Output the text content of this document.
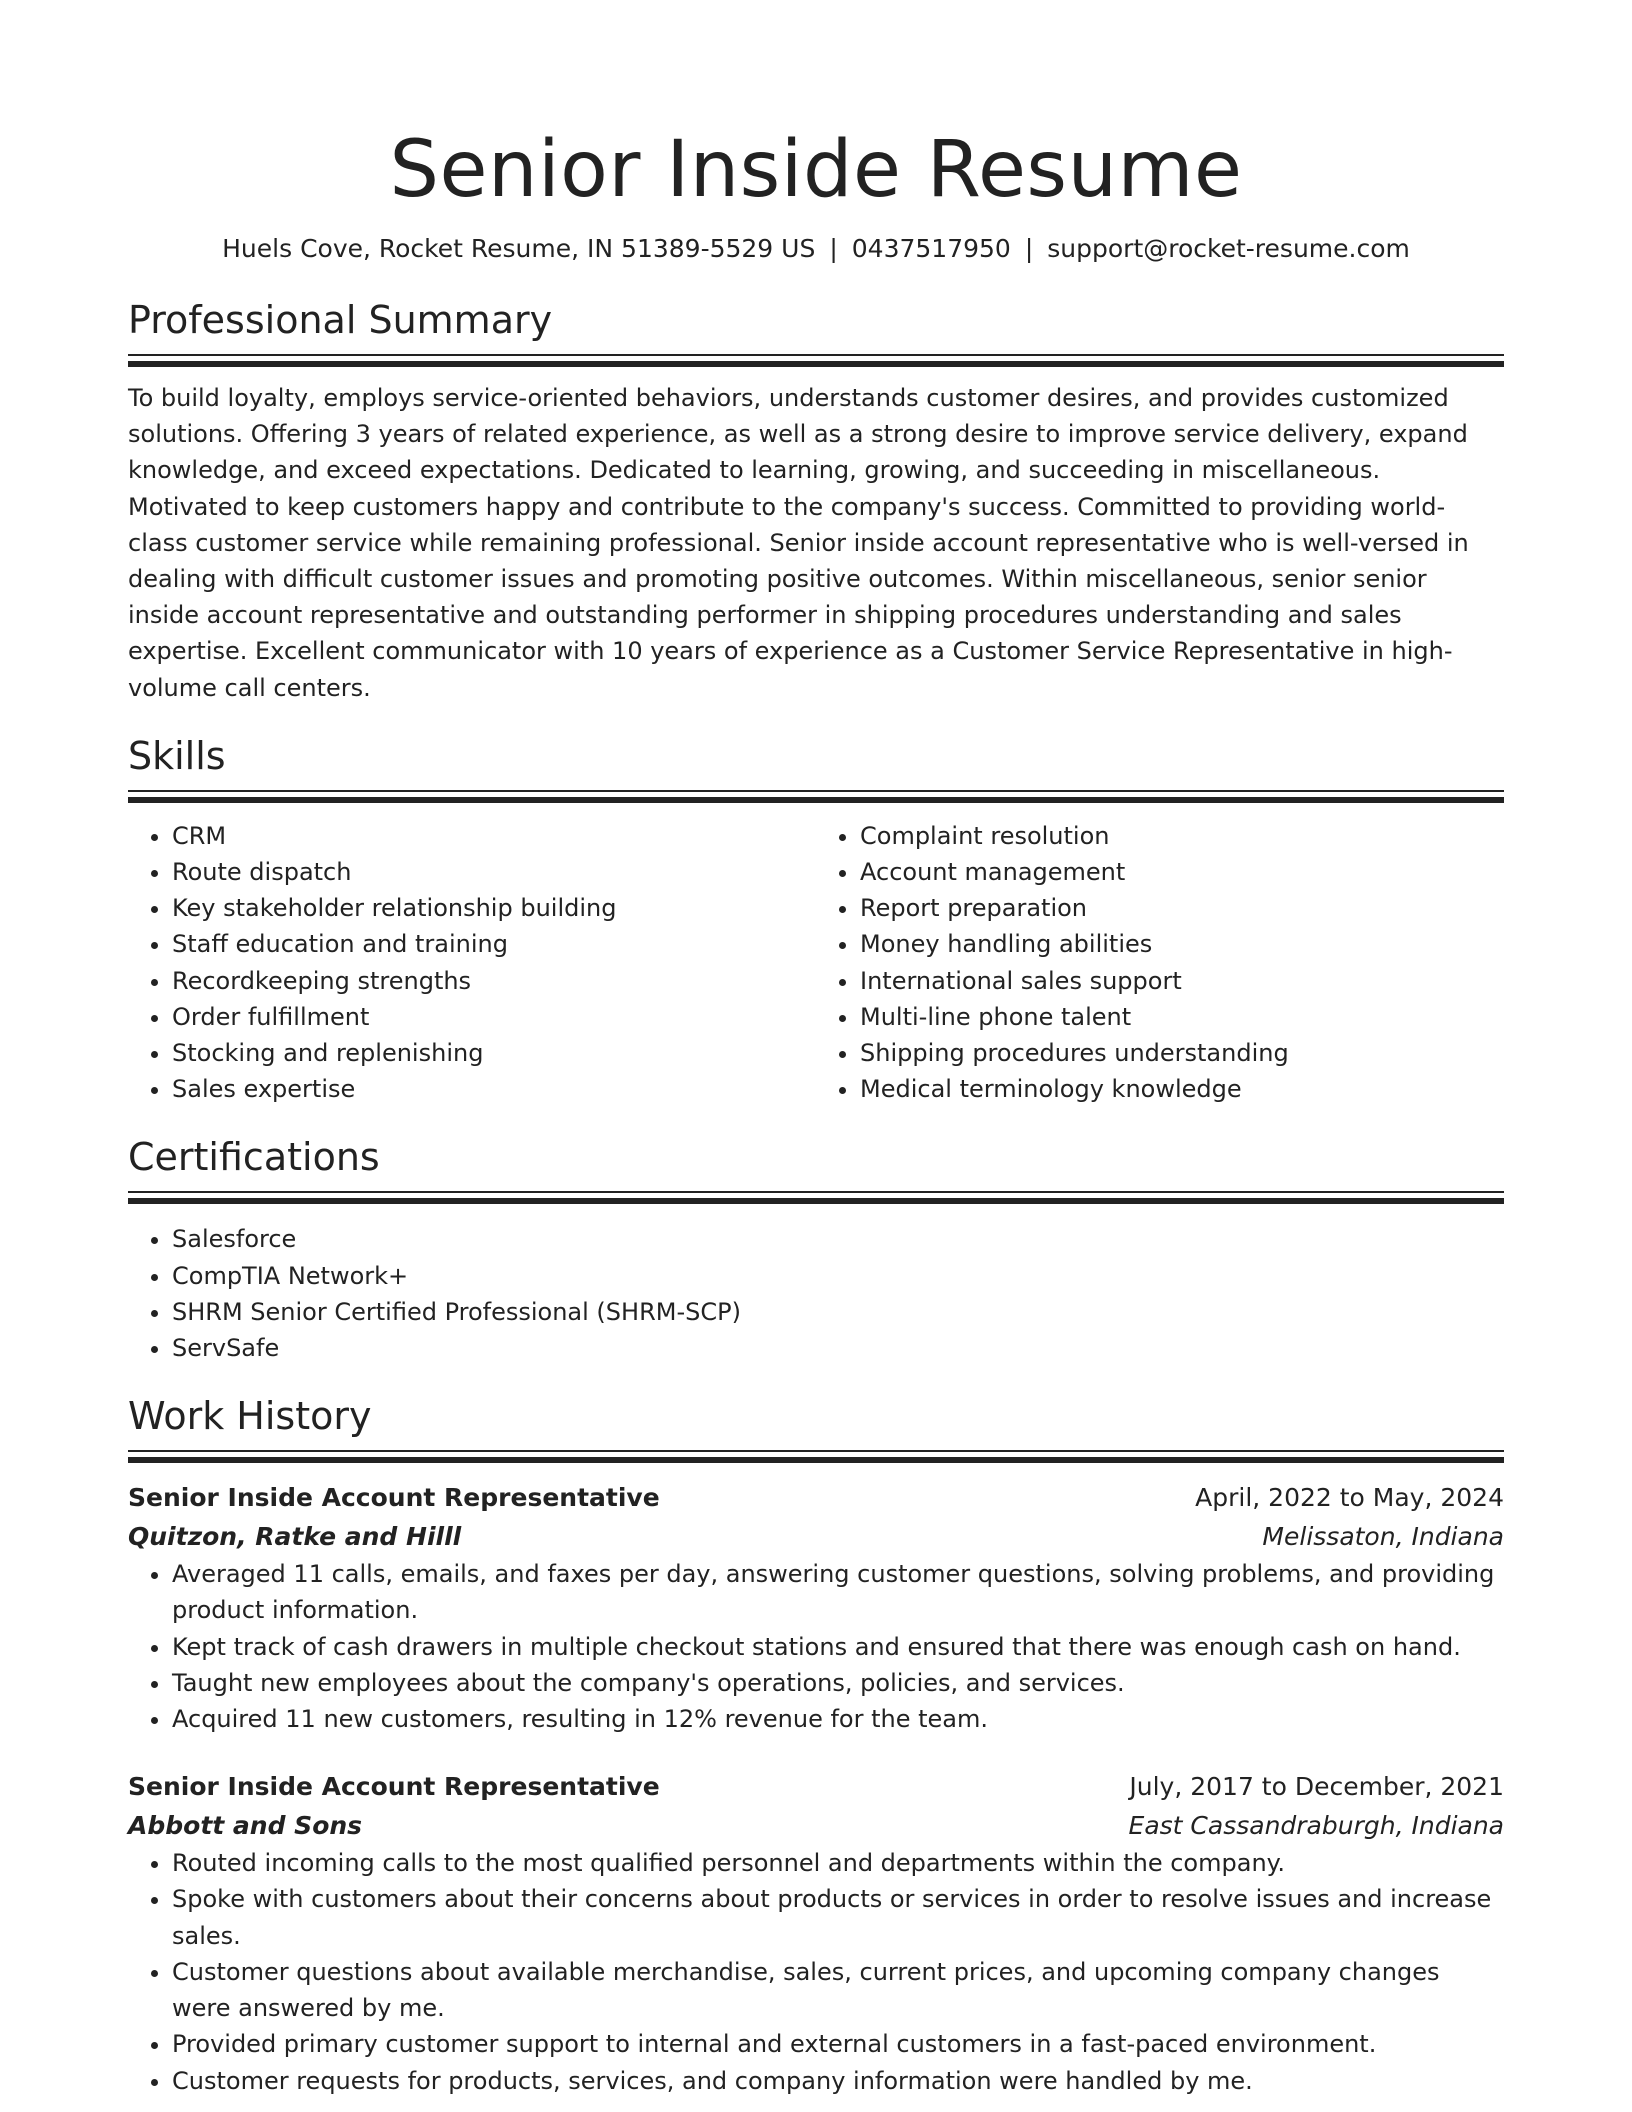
Senior Inside Resume
Huels Cove, Rocket Resume, IN 51389-5529 US | 0437517950 | support@rocket-resume.com
Professional Summary
To build loyalty, employs service-oriented behaviors, understands customer desires, and provides customized solutions. Offering 3 years of related experience, as well as a strong desire to improve service delivery, expand knowledge, and exceed expectations. Dedicated to learning, growing, and succeeding in miscellaneous. Motivated to keep customers happy and contribute to the company's success. Committed to providing world-class customer service while remaining professional. Senior inside account representative who is well-versed in dealing with difficult customer issues and promoting positive outcomes. Within miscellaneous, senior senior inside account representative and outstanding performer in shipping procedures understanding and sales expertise. Excellent communicator with 10 years of experience as a Customer Service Representative in high-volume call centers.
Skills
• CRM
• Route dispatch
• Key stakeholder relationship building
• Staff education and training
• Recordkeeping strengths
• Order fulfillment
• Stocking and replenishing
• Sales expertise
• Complaint resolution
• Account management
• Report preparation
• Money handling abilities
• International sales support
• Multi-line phone talent
• Shipping procedures understanding
• Medical terminology knowledge
Certifications
• Salesforce
• CompTIA Network+
• SHRM Senior Certified Professional (SHRM-SCP)
• ServSafe
Work History
Senior Inside Account Representative	April, 2022 to May, 2024
Quitzon, Ratke and Hilll	Melissaton, Indiana
• Averaged 11 calls, emails, and faxes per day, answering customer questions, solving problems, and providing product information.
• Kept track of cash drawers in multiple checkout stations and ensured that there was enough cash on hand.
• Taught new employees about the company's operations, policies, and services.
• Acquired 11 new customers, resulting in 12% revenue for the team.
Senior Inside Account Representative	July, 2017 to December, 2021
Abbott and Sons	East Cassandraburgh, Indiana
• Routed incoming calls to the most qualified personnel and departments within the company.
• Spoke with customers about their concerns about products or services in order to resolve issues and increase sales.
• Customer questions about available merchandise, sales, current prices, and upcoming company changes were answered by me.
• Provided primary customer support to internal and external customers in a fast-paced environment.
• Customer requests for products, services, and company information were handled by me.
